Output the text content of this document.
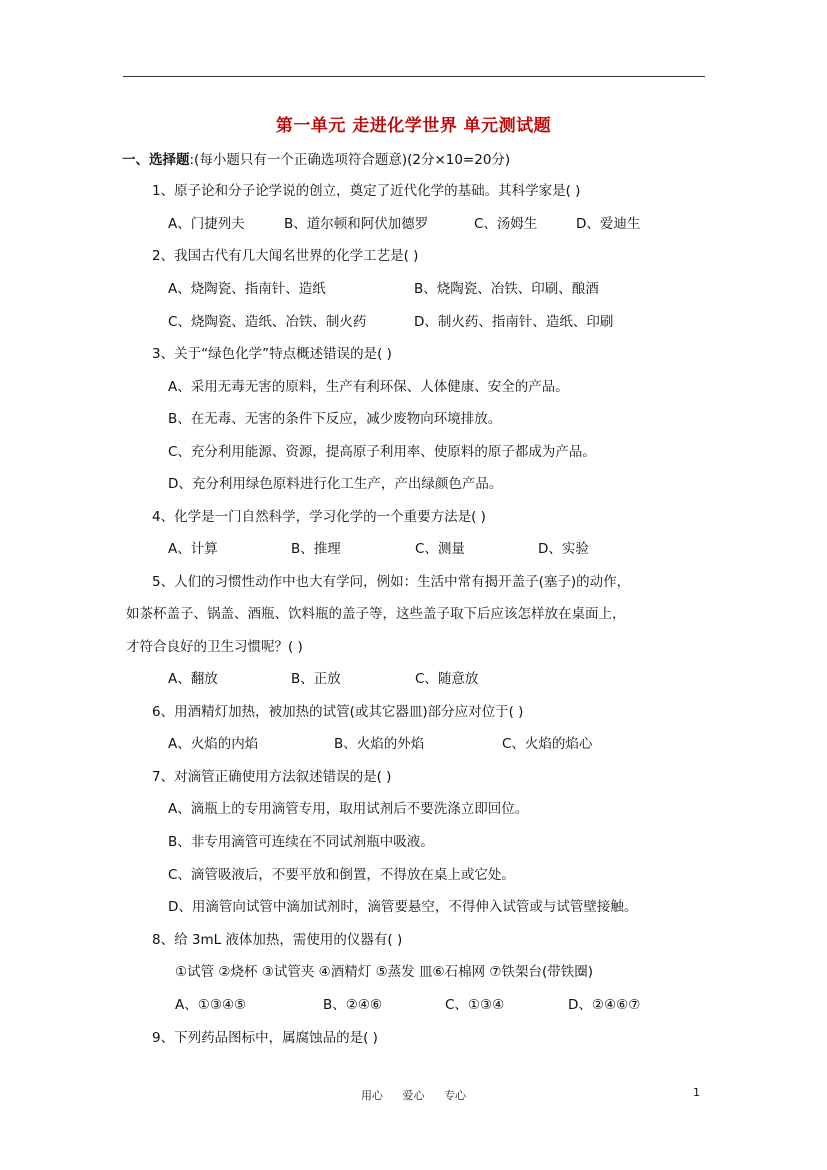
第一单元 走进化学世界 单元测试题
一、选择题:(每小题只有一个正确选项符合题意)(2分×10=20分)
1、原子论和分子论学说的创立，奠定了近代化学的基础。其科学家是( )
A、门捷列夫	B、道尔顿和阿伏加德罗	C、汤姆生	D、爱迪生
2、我国古代有几大闻名世界的化学工艺是( )
A、烧陶瓷、指南针、造纸	B、烧陶瓷、冶铁、印刷、酿酒
C、烧陶瓷、造纸、冶铁、制火药	D、制火药、指南针、造纸、印刷
3、关于“绿色化学”特点概述错误的是( )
A、采用无毒无害的原料，生产有利环保、人体健康、安全的产品。
B、在无毒、无害的条件下反应，减少废物向环境排放。
C、充分利用能源、资源，提高原子利用率、使原料的原子都成为产品。
D、充分利用绿色原料进行化工生产，产出绿颜色产品。
4、化学是一门自然科学，学习化学的一个重要方法是( )
A、计算	B、推理	C、测量	D、实验
5、人们的习惯性动作中也大有学问，例如：生活中常有揭开盖子(塞子)的动作，
如茶杯盖子、锅盖、酒瓶、饮料瓶的盖子等，这些盖子取下后应该怎样放在桌面上，
才符合良好的卫生习惯呢？( )
A、翻放	B、正放	C、随意放
6、用酒精灯加热，被加热的试管(或其它器皿)部分应对位于( )
A、火焰的内焰	B、火焰的外焰	C、火焰的焰心
7、对滴管正确使用方法叙述错误的是( )
A、滴瓶上的专用滴管专用，取用试剂后不要洗涤立即回位。
B、非专用滴管可连续在不同试剂瓶中吸液。
C、滴管吸液后，不要平放和倒置，不得放在桌上或它处。
D、用滴管向试管中滴加试剂时，滴管要悬空，不得伸入试管或与试管壁接触。
8、给 3mL 液体加热，需使用的仪器有( )
①试管 ②烧杯 ③试管夹 ④酒精灯 ⑤蒸发 皿⑥石棉网 ⑦铁架台(带铁圈)
A、①③④⑤	B、②④⑥	C、①③④	D、②④⑥⑦
9、下列药品图标中，属腐蚀品的是( )
用心 爱心 专心	1
